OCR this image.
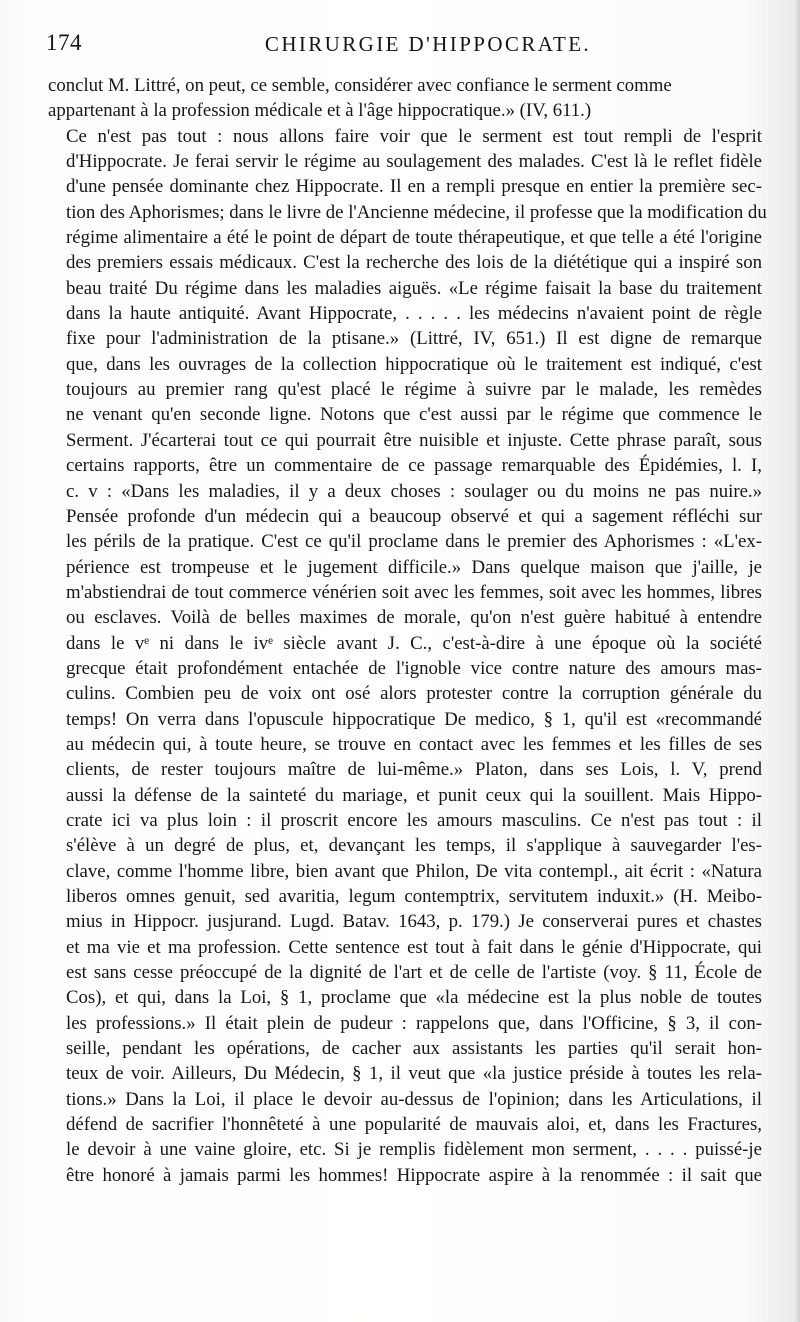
174	CHIRURGIE D'HIPPOCRATE.

conclut M. Littré, on peut, ce semble, considérer avec confiance le serment comme
appartenant à la profession médicale et à l'âge hippocratique.» (IV, 611.)

Ce n'est pas tout : nous allons faire voir que le serment est tout rempli de l'esprit
d'Hippocrate. Je ferai servir le régime au soulagement des malades. C'est là le reflet fidèle
d'une pensée dominante chez Hippocrate. Il en a rempli presque en entier la première sec-
tion des Aphorismes; dans le livre de l'Ancienne médecine, il professe que la modification du
régime alimentaire a été le point de départ de toute thérapeutique, et que telle a été l'origine
des premiers essais médicaux. C'est la recherche des lois de la diététique qui a inspiré son
beau traité Du régime dans les maladies aiguës. «Le régime faisait la base du traitement
dans la haute antiquité. Avant Hippocrate, . . . . . les médecins n'avaient point de règle
fixe pour l'administration de la ptisane.» (Littré, IV, 651.) Il est digne de remarque
que, dans les ouvrages de la collection hippocratique où le traitement est indiqué, c'est
toujours au premier rang qu'est placé le régime à suivre par le malade, les remèdes
ne venant qu'en seconde ligne. Notons que c'est aussi par le régime que commence le
Serment. J'écarterai tout ce qui pourrait être nuisible et injuste. Cette phrase paraît, sous
certains rapports, être un commentaire de ce passage remarquable des Épidémies, l. I,
c. v : «Dans les maladies, il y a deux choses : soulager ou du moins ne pas nuire.»
Pensée profonde d'un médecin qui a beaucoup observé et qui a sagement réfléchi sur
les périls de la pratique. C'est ce qu'il proclame dans le premier des Aphorismes : «L'ex-
périence est trompeuse et le jugement difficile.» Dans quelque maison que j'aille, je
m'abstiendrai de tout commerce vénérien soit avec les femmes, soit avec les hommes, libres
ou esclaves. Voilà de belles maximes de morale, qu'on n'est guère habitué à entendre
dans le vᵉ ni dans le ivᵉ siècle avant J. C., c'est-à-dire à une époque où la société
grecque était profondément entachée de l'ignoble vice contre nature des amours mas-
culins. Combien peu de voix ont osé alors protester contre la corruption générale du
temps! On verra dans l'opuscule hippocratique De medico, § 1, qu'il est «recommandé
au médecin qui, à toute heure, se trouve en contact avec les femmes et les filles de ses
clients, de rester toujours maître de lui-même.» Platon, dans ses Lois, l. V, prend
aussi la défense de la sainteté du mariage, et punit ceux qui la souillent. Mais Hippo-
crate ici va plus loin : il proscrit encore les amours masculins. Ce n'est pas tout : il
s'élève à un degré de plus, et, devançant les temps, il s'applique à sauvegarder l'es-
clave, comme l'homme libre, bien avant que Philon, De vita contempl., ait écrit : «Natura
liberos omnes genuit, sed avaritia, legum contemptrix, servitutem induxit.» (H. Meibo-
mius in Hippocr. jusjurand. Lugd. Batav. 1643, p. 179.) Je conserverai pures et chastes
et ma vie et ma profession. Cette sentence est tout à fait dans le génie d'Hippocrate, qui
est sans cesse préoccupé de la dignité de l'art et de celle de l'artiste (voy. § 11, École de
Cos), et qui, dans la Loi, § 1, proclame que «la médecine est la plus noble de toutes
les professions.» Il était plein de pudeur : rappelons que, dans l'Officine, § 3, il con-
seille, pendant les opérations, de cacher aux assistants les parties qu'il serait hon-
teux de voir. Ailleurs, Du Médecin, § 1, il veut que «la justice préside à toutes les rela-
tions.» Dans la Loi, il place le devoir au-dessus de l'opinion; dans les Articulations, il
défend de sacrifier l'honnêteté à une popularité de mauvais aloi, et, dans les Fractures,
le devoir à une vaine gloire, etc. Si je remplis fidèlement mon serment, . . . . puissé-je
être honoré à jamais parmi les hommes! Hippocrate aspire à la renommée : il sait que
